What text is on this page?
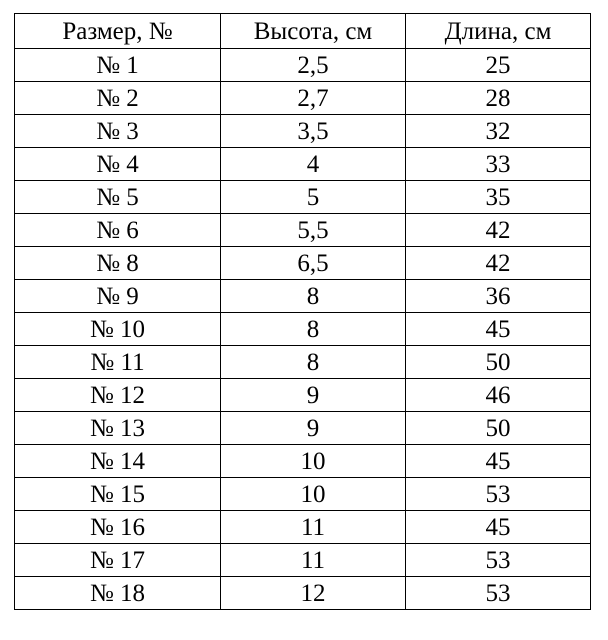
Размер, №	Высота, см	Длина, см
№ 1	2,5	25
№ 2	2,7	28
№ 3	3,5	32
№ 4	4	33
№ 5	5	35
№ 6	5,5	42
№ 8	6,5	42
№ 9	8	36
№ 10	8	45
№ 11	8	50
№ 12	9	46
№ 13	9	50
№ 14	10	45
№ 15	10	53
№ 16	11	45
№ 17	11	53
№ 18	12	53
